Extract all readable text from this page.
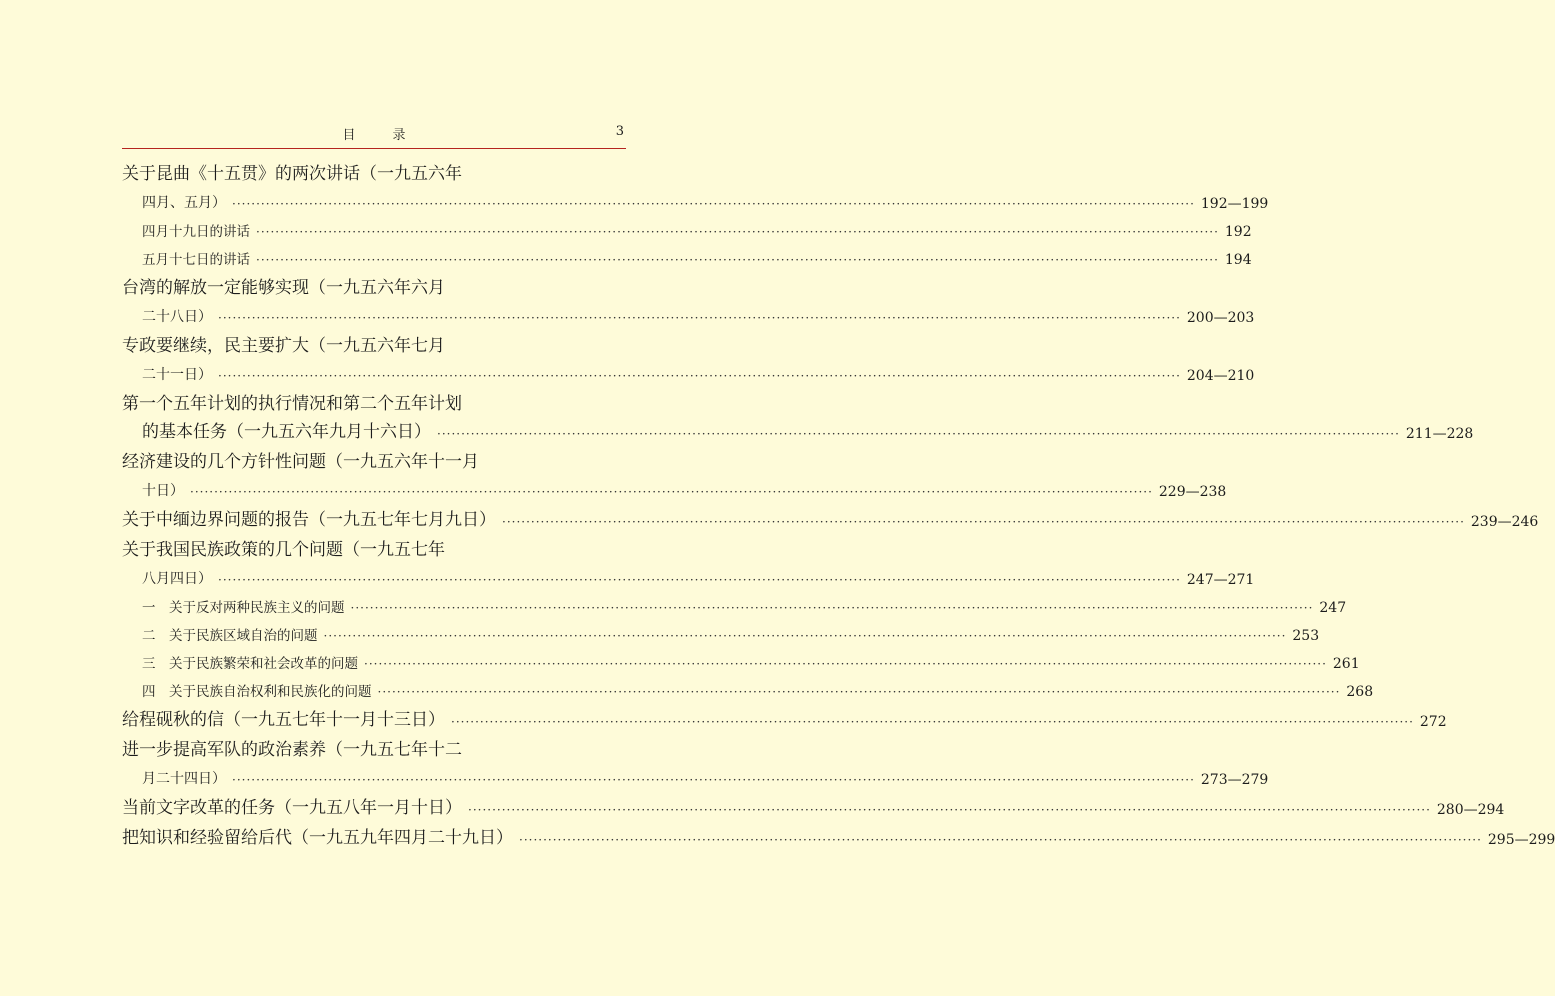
目　录	3
关于昆曲《十五贯》的两次讲话（一九五六年
四月、五月） ········································································································································································································ 192—199
四月十九日的讲话 ········································································································································································································ 192
五月十七日的讲话 ········································································································································································································ 194
台湾的解放一定能够实现（一九五六年六月
二十八日） ········································································································································································································ 200—203
专政要继续，民主要扩大（一九五六年七月
二十一日） ········································································································································································································ 204—210
第一个五年计划的执行情况和第二个五年计划
的基本任务（一九五六年九月十六日） ········································································································································································································ 211—228
经济建设的几个方针性问题（一九五六年十一月
十日） ········································································································································································································ 229—238
关于中缅边界问题的报告（一九五七年七月九日） ········································································································································································································ 239—246
关于我国民族政策的几个问题（一九五七年
八月四日） ········································································································································································································ 247—271
一　关于反对两种民族主义的问题 ········································································································································································································ 247
二　关于民族区域自治的问题 ········································································································································································································ 253
三　关于民族繁荣和社会改革的问题 ········································································································································································································ 261
四　关于民族自治权利和民族化的问题 ········································································································································································································ 268
给程砚秋的信（一九五七年十一月十三日） ········································································································································································································ 272
进一步提高军队的政治素养（一九五七年十二
月二十四日） ········································································································································································································ 273—279
当前文字改革的任务（一九五八年一月十日） ········································································································································································································ 280—294
把知识和经验留给后代（一九五九年四月二十九日） ········································································································································································································ 295—299
